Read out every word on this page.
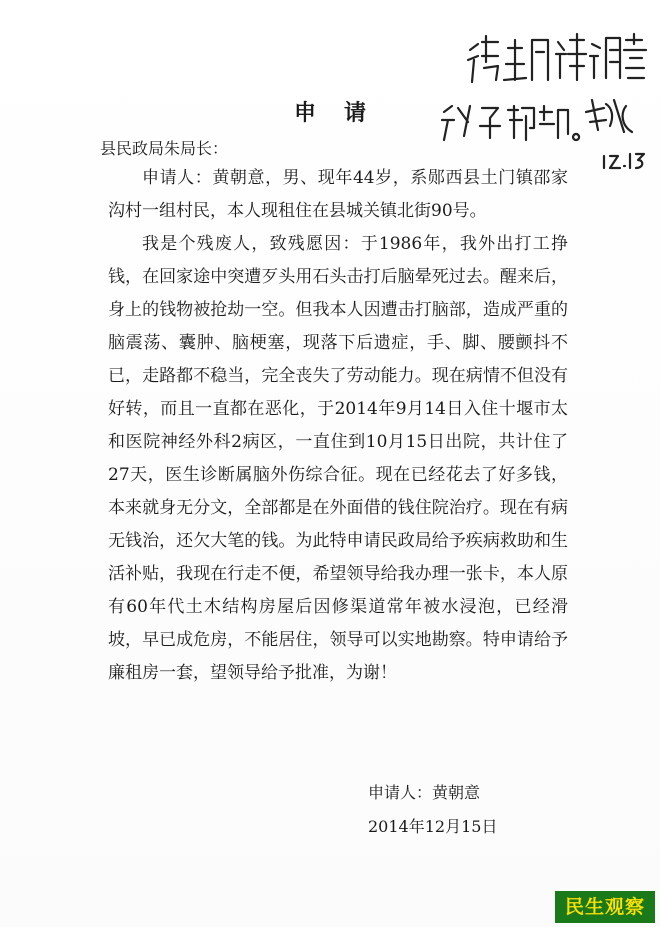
申请
县民政局朱局长：

申请人：黄朝意，男、现年44岁，系郧西县土门镇邵家沟村一组村民，本人现租住在县城关镇北街90号。

我是个残废人，致残愿因：于1986年，我外出打工挣钱，在回家途中突遭歹头用石头击打后脑晕死过去。醒来后，身上的钱物被抢劫一空。但我本人因遭击打脑部，造成严重的脑震荡、囊肿、脑梗塞，现落下后遗症，手、脚、腰颤抖不已，走路都不稳当，完全丧失了劳动能力。现在病情不但没有好转，而且一直都在恶化，于2014年9月14日入住十堰市太和医院神经外科2病区，一直住到10月15日出院，共计住了27天，医生诊断属脑外伤综合征。现在已经花去了好多钱，本来就身无分文，全部都是在外面借的钱住院治疗。现在有病无钱治，还欠大笔的钱。为此特申请民政局给予疾病救助和生活补贴，我现在行走不便，希望领导给我办理一张卡，本人原有60年代土木结构房屋后因修渠道常年被水浸泡，已经滑坡，早已成危房，不能居住，领导可以实地勘察。特申请给予廉租房一套，望领导给予批准，为谢！

申请人：黄朝意
2014年12月15日
民生观察
